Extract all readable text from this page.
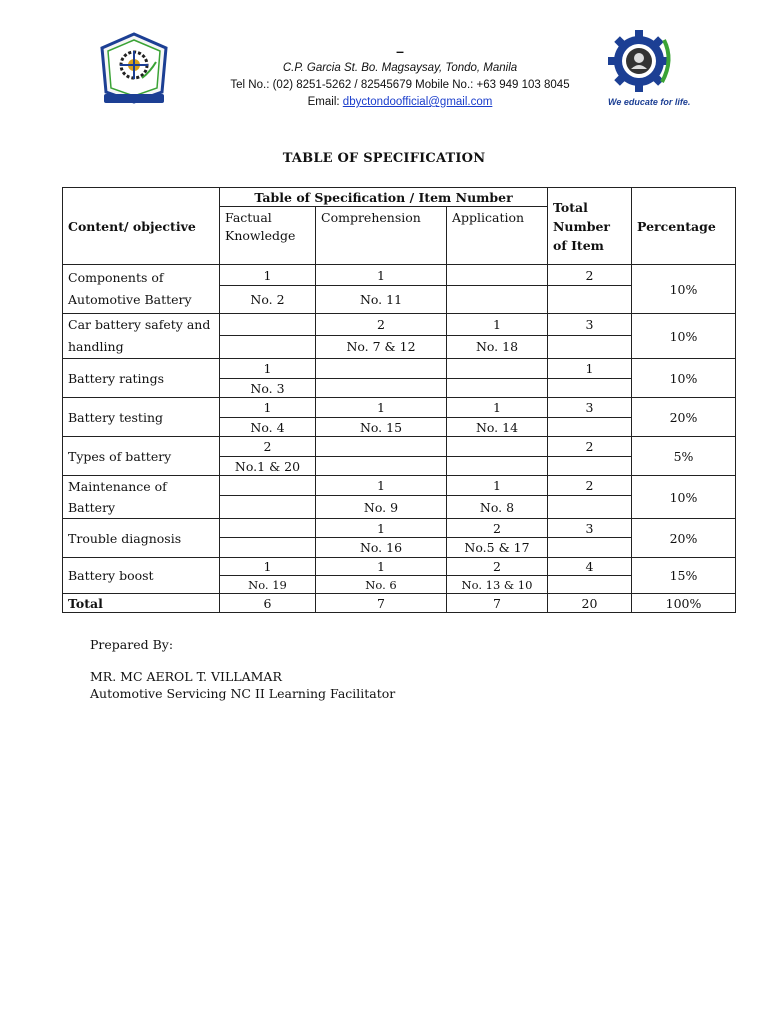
–
C.P. Garcia St. Bo. Magsaysay, Tondo, Manila
Tel No.: (02) 8251-5262 / 82545679 Mobile No.: +63 949 103 8045
Email: dbyctondoofficial@gmail.com	We educate for life.
TABLE OF SPECIFICATION
Content/ objective	Table of Specification / Item Number			Total Number of Item	Percentage
	Factual Knowledge	Comprehension	Application		
Components of Automotive Battery	1	1		2	10%
	No. 2	No. 11			
Car battery safety and handling		2	1	3	10%
		No. 7 & 12	No. 18		
Battery ratings	1			1	10%
	No. 3				
Battery testing	1	1	1	3	20%
	No. 4	No. 15	No. 14		
Types of battery	2			2	5%
	No.1 & 20				
Maintenance of Battery		1	1	2	10%
		No. 9	No. 8		
Trouble diagnosis		1	2	3	20%
		No. 16	No.5 & 17		
Battery boost	1	1	2	4	15%
	No. 19	No. 6	No. 13 & 10		
Total	6	7	7	20	100%
Prepared By:
MR. MC AEROL T. VILLAMAR
Automotive Servicing NC II Learning Facilitator
